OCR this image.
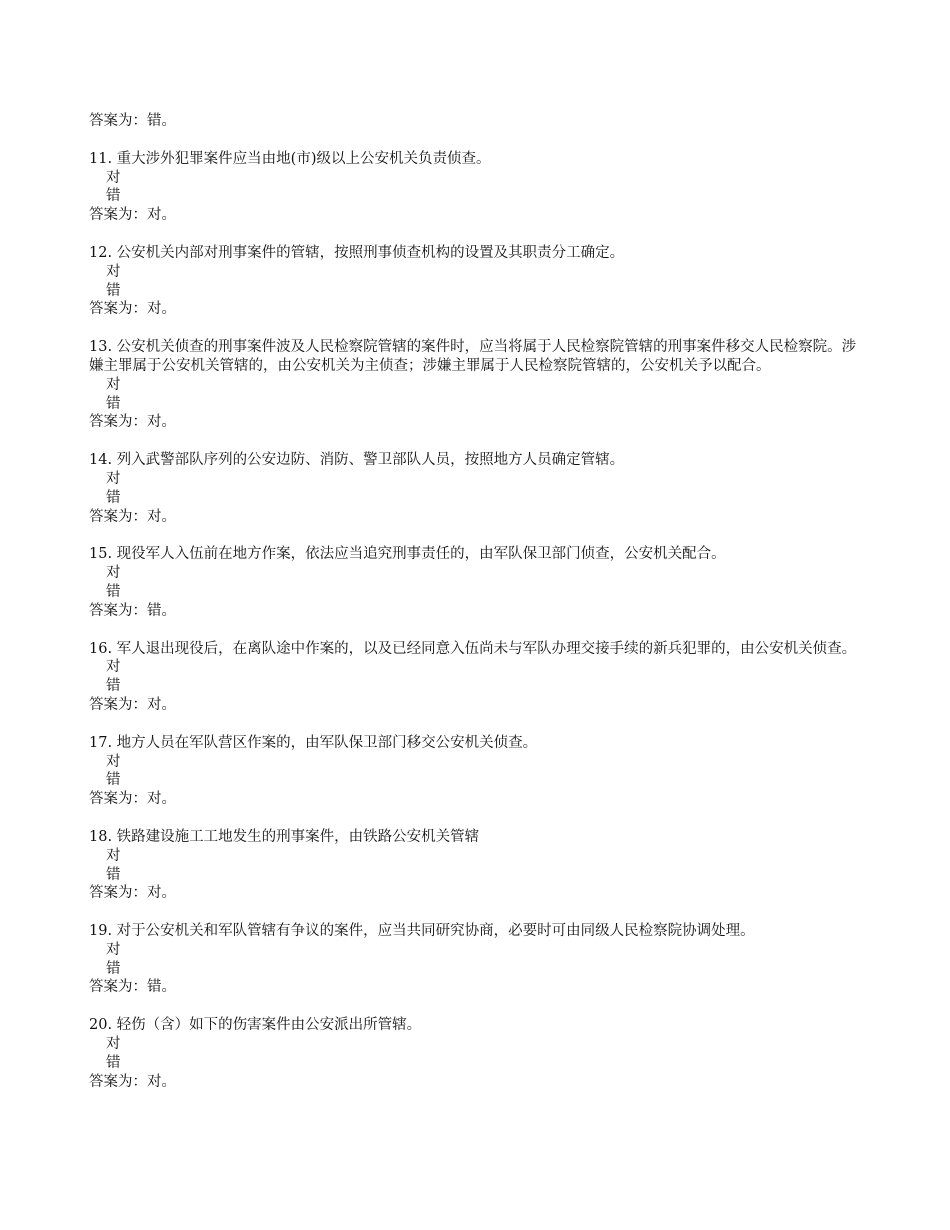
答案为：错。

11. 重大涉外犯罪案件应当由地(市)级以上公安机关负责侦查。

对

错

答案为：对。

12. 公安机关内部对刑事案件的管辖，按照刑事侦查机构的设置及其职责分工确定。

对

错

答案为：对。

13. 公安机关侦查的刑事案件波及人民检察院管辖的案件时，应当将属于人民检察院管辖的刑事案件移交人民检察院。涉嫌主罪属于公安机关管辖的，由公安机关为主侦查；涉嫌主罪属于人民检察院管辖的，公安机关予以配合。

对

错

答案为：对。

14. 列入武警部队序列的公安边防、消防、警卫部队人员，按照地方人员确定管辖。

对

错

答案为：对。

15. 现役军人入伍前在地方作案，依法应当追究刑事责任的，由军队保卫部门侦查，公安机关配合。

对

错

答案为：错。

16. 军人退出现役后，在离队途中作案的，以及已经同意入伍尚未与军队办理交接手续的新兵犯罪的，由公安机关侦查。

对

错

答案为：对。

17. 地方人员在军队营区作案的，由军队保卫部门移交公安机关侦查。

对

错

答案为：对。

18. 铁路建设施工工地发生的刑事案件，由铁路公安机关管辖

对

错

答案为：对。

19. 对于公安机关和军队管辖有争议的案件，应当共同研究协商，必要时可由同级人民检察院协调处理。

对

错

答案为：错。

20. 轻伤（含）如下的伤害案件由公安派出所管辖。

对

错

答案为：对。
